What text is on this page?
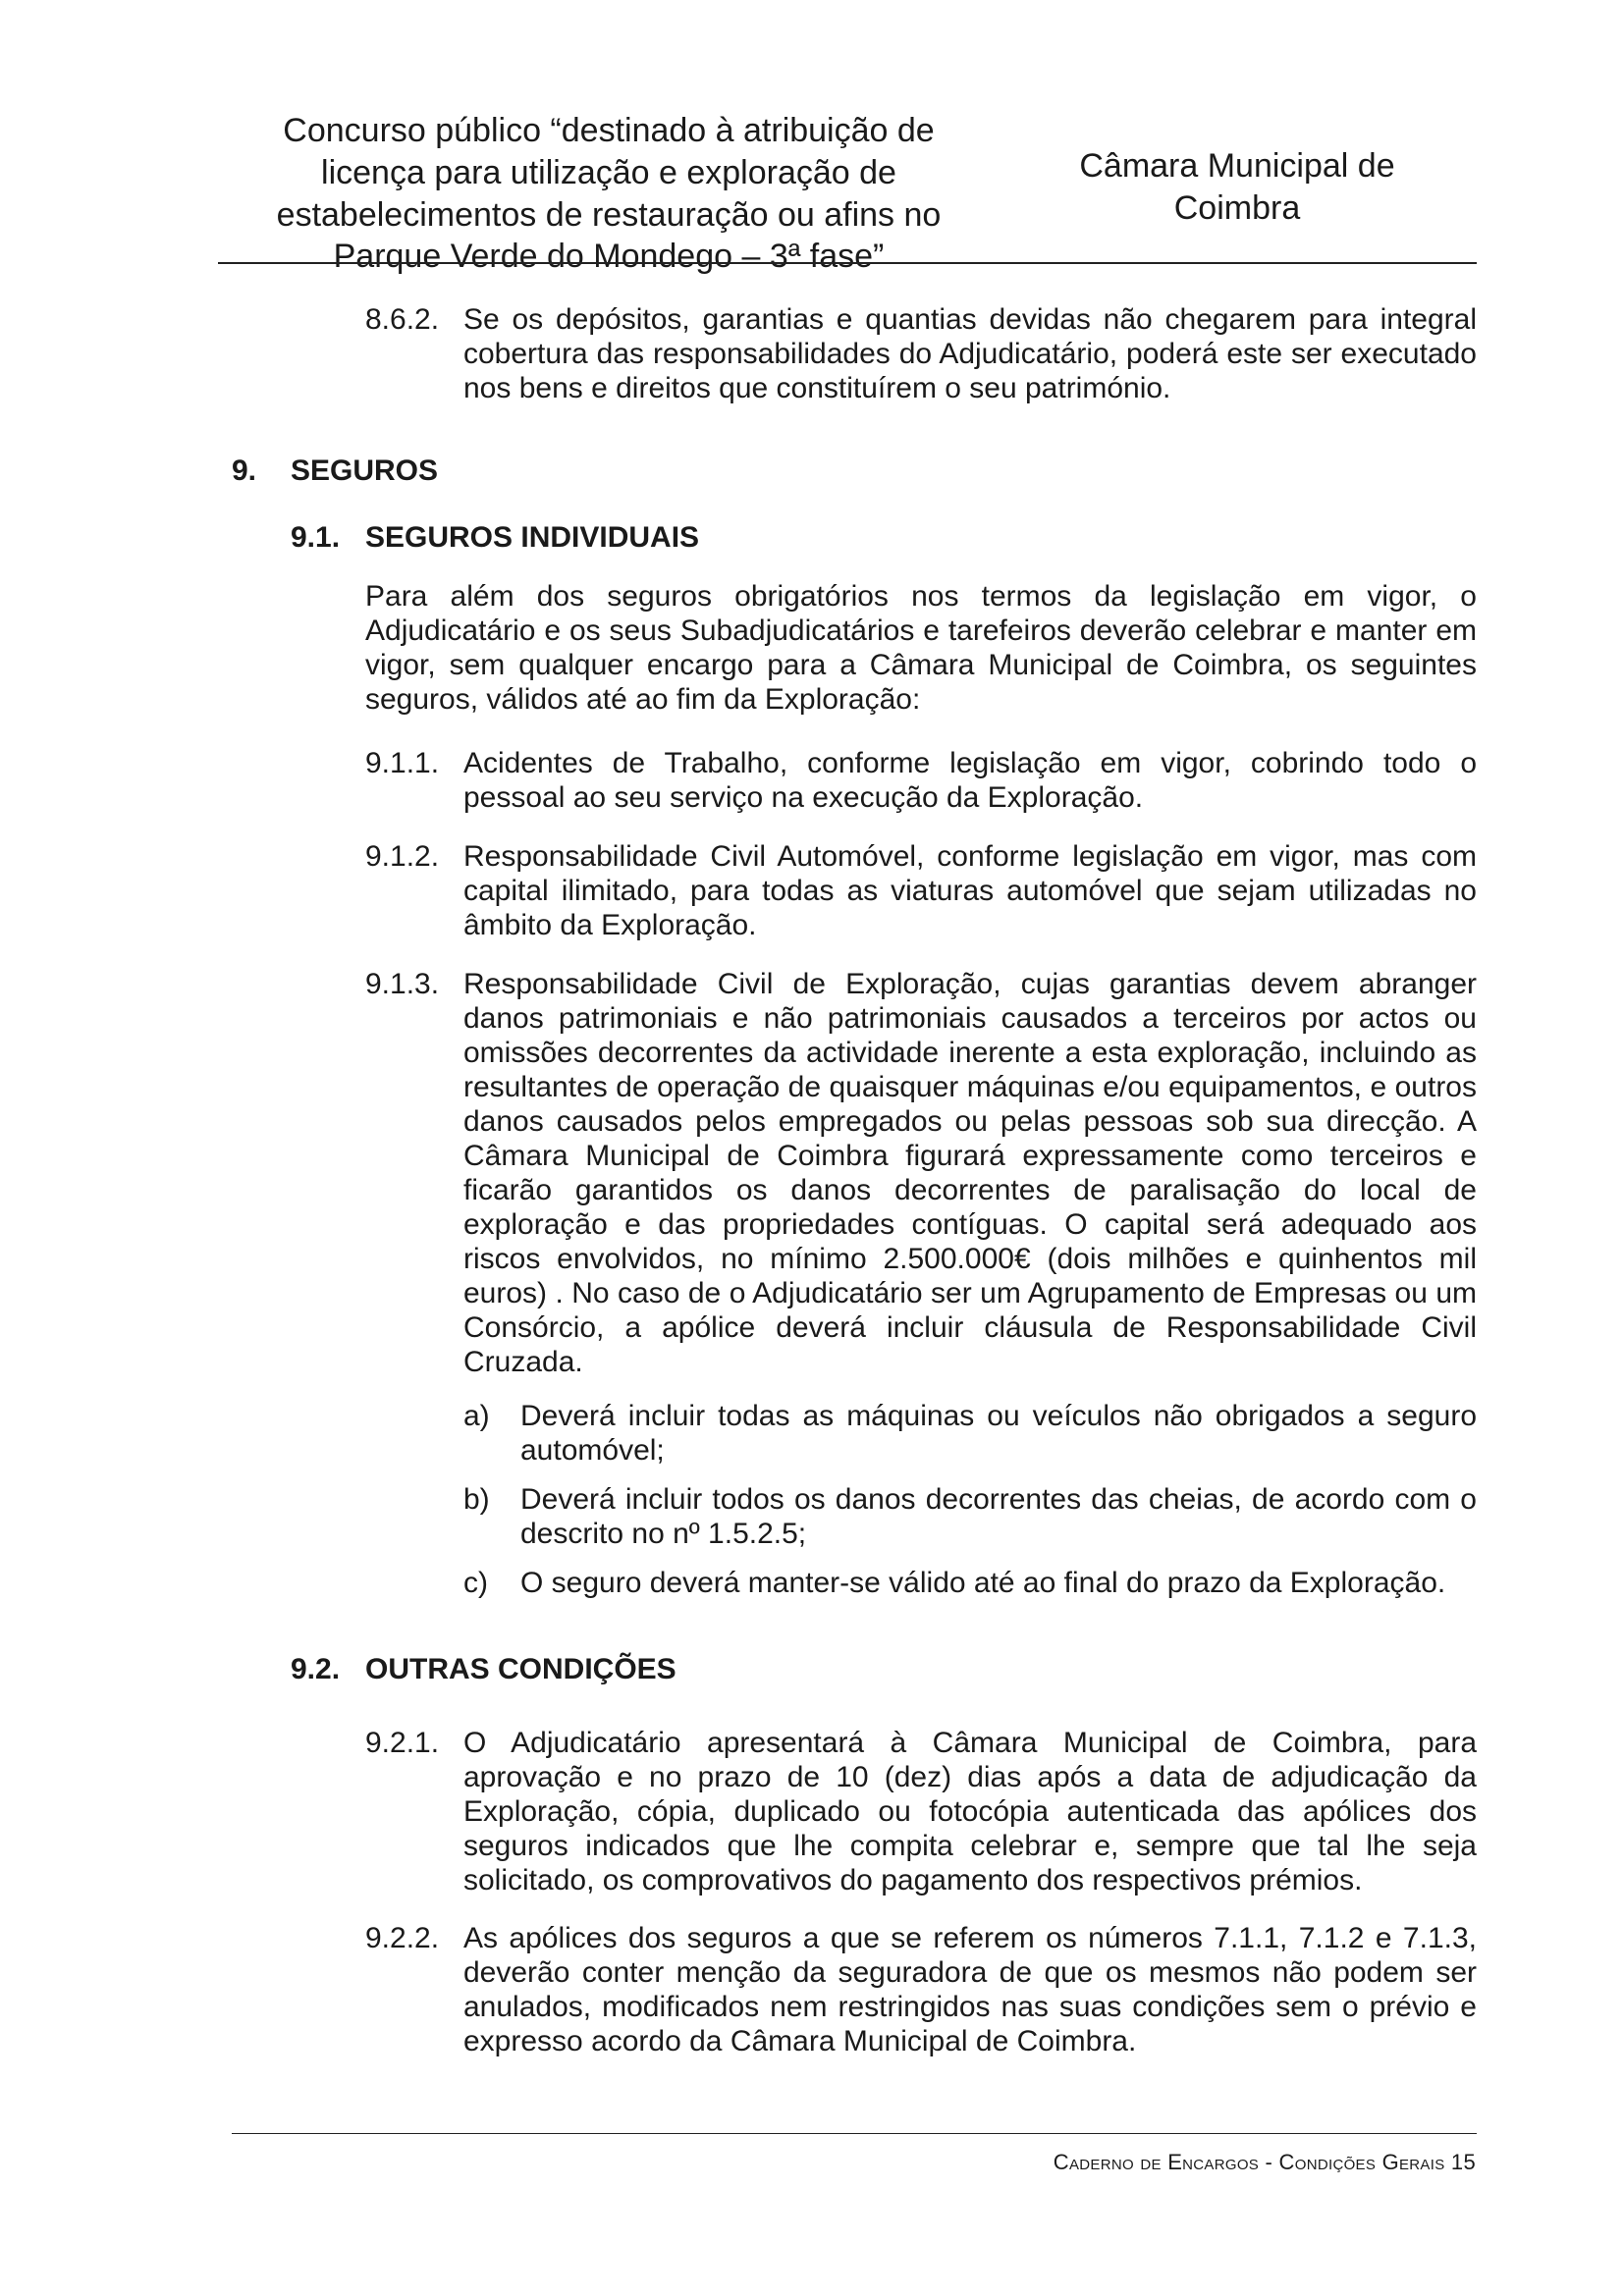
Concurso público “destinado à atribuição de
licença para utilização e exploração de
estabelecimentos de restauração ou afins no
Parque Verde do Mondego – 3ª fase”
Câmara Municipal de
Coimbra
8.6.2. Se os depósitos, garantias e quantias devidas não chegarem para integral cobertura das responsabilidades do Adjudicatário, poderá este ser executado nos bens e direitos que constituírem o seu património.
9. SEGUROS
9.1. SEGUROS INDIVIDUAIS
Para além dos seguros obrigatórios nos termos da legislação em vigor, o Adjudicatário e os seus Subadjudicatários e tarefeiros deverão celebrar e manter em vigor, sem qualquer encargo para a Câmara Municipal de Coimbra, os seguintes seguros, válidos até ao fim da Exploração:
9.1.1. Acidentes de Trabalho, conforme legislação em vigor, cobrindo todo o pessoal ao seu serviço na execução da Exploração.
9.1.2. Responsabilidade Civil Automóvel, conforme legislação em vigor, mas com capital ilimitado, para todas as viaturas automóvel que sejam utilizadas no âmbito da Exploração.
9.1.3. Responsabilidade Civil de Exploração, cujas garantias devem abranger danos patrimoniais e não patrimoniais causados a terceiros por actos ou omissões decorrentes da actividade inerente a esta exploração, incluindo as resultantes de operação de quaisquer máquinas e/ou equipamentos, e outros danos causados pelos empregados ou pelas pessoas sob sua direcção. A Câmara Municipal de Coimbra figurará expressamente como terceiros e ficarão garantidos os danos decorrentes de paralisação do local de exploração e das propriedades contíguas. O capital será adequado aos riscos envolvidos, no mínimo 2.500.000€ (dois milhões e quinhentos mil euros) . No caso de o Adjudicatário ser um Agrupamento de Empresas ou um Consórcio, a apólice deverá incluir cláusula de Responsabilidade Civil Cruzada.
a) Deverá incluir todas as máquinas ou veículos não obrigados a seguro automóvel;
b) Deverá incluir todos os danos decorrentes das cheias, de acordo com o descrito no nº 1.5.2.5;
c) O seguro deverá manter-se válido até ao final do prazo da Exploração.
9.2. OUTRAS CONDIÇÕES
9.2.1. O Adjudicatário apresentará à Câmara Municipal de Coimbra, para aprovação e no prazo de 10 (dez) dias após a data de adjudicação da Exploração, cópia, duplicado ou fotocópia autenticada das apólices dos seguros indicados que lhe compita celebrar e, sempre que tal lhe seja solicitado, os comprovativos do pagamento dos respectivos prémios.
9.2.2. As apólices dos seguros a que se referem os números 7.1.1, 7.1.2 e 7.1.3, deverão conter menção da seguradora de que os mesmos não podem ser anulados, modificados nem restringidos nas suas condições sem o prévio e expresso acordo da Câmara Municipal de Coimbra.
Caderno de Encargos - Condições Gerais 15
